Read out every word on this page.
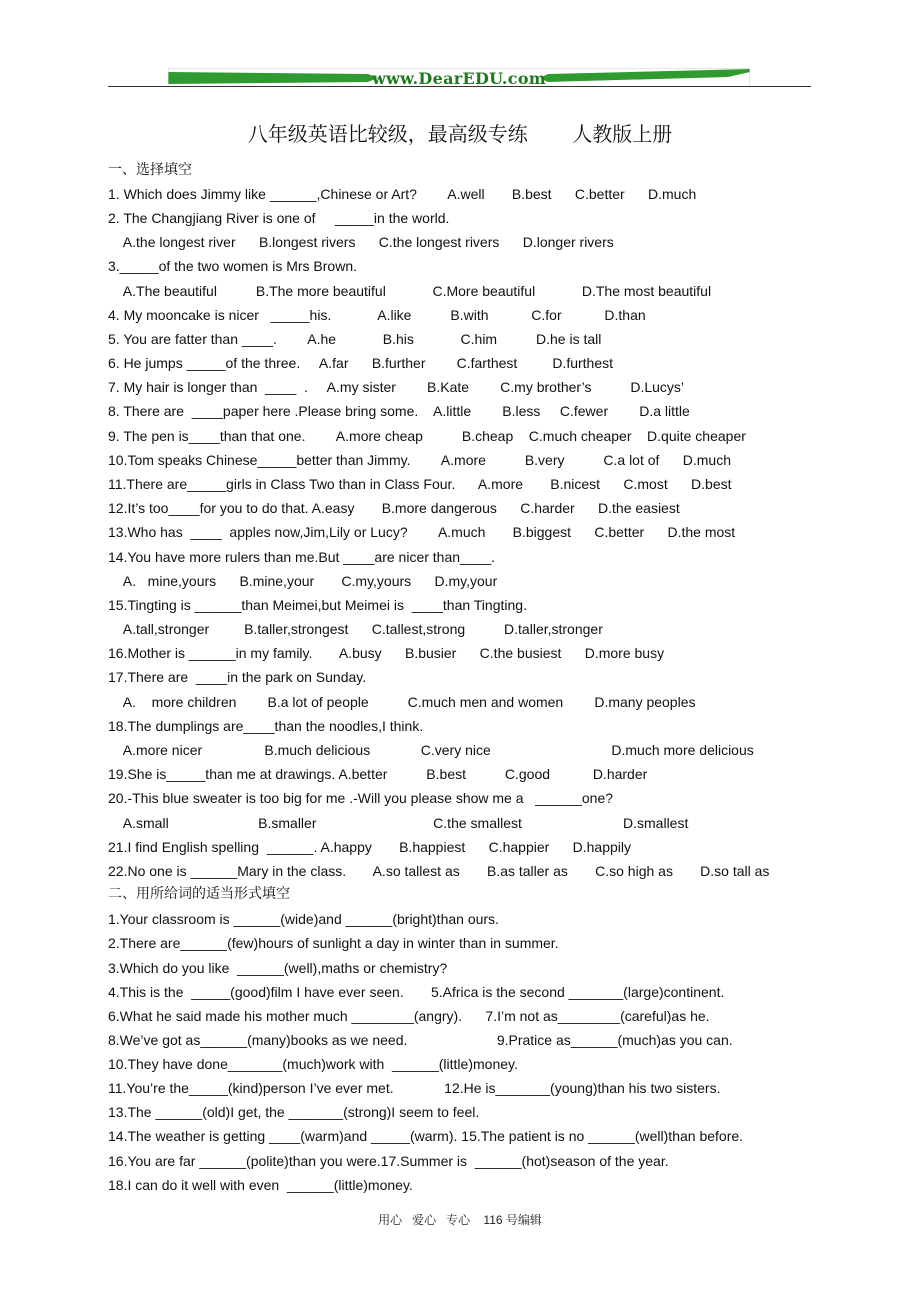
www.DearEDU.com
八年级英语比较级，最高级专练        人教版上册
一、选择填空
1. Which does Jimmy like ______,Chinese or Art?        A.well       B.best      C.better      D.much
2. The Changjiang River is one of     _____in the world.
A.the longest river      B.longest rivers      C.the longest rivers      D.longer rivers
3._____of the two women is Mrs Brown.
A.The beautiful          B.The more beautiful            C.More beautiful            D.The most beautiful
4. My mooncake is nicer   _____his.            A.like          B.with           C.for           D.than
5. You are fatter than ____.        A.he            B.his            C.him          D.he is tall
6. He jumps _____of the three.     A.far      B.further        C.farthest         D.furthest
7. My hair is longer than  ____  .     A.my sister        B.Kate        C.my brother’s          D.Lucys’
8. There are  ____paper here .Please bring some.    A.little        B.less     C.fewer        D.a little
9. The pen is____than that one.        A.more cheap          B.cheap    C.much cheaper    D.quite cheaper
10.Tom speaks Chinese_____better than Jimmy.        A.more          B.very          C.a lot of      D.much
11.There are_____girls in Class Two than in Class Four.      A.more       B.nicest      C.most      D.best
12.It’s too____for you to do that. A.easy       B.more dangerous      C.harder      D.the easiest
13.Who has  ____  apples now,Jim,Lily or Lucy?        A.much       B.biggest      C.better      D.the most
14.You have more rulers than me.But ____are nicer than____.
A.   mine,yours      B.mine,your       C.my,yours      D.my,your
15.Tingting is ______than Meimei,but Meimei is  ____than Tingting.
A.tall,stronger         B.taller,strongest      C.tallest,strong          D.taller,stronger
16.Mother is ______in my family.       A.busy      B.busier      C.the busiest      D.more busy
17.There are  ____in the park on Sunday.
A.    more children        B.a lot of people          C.much men and women        D.many peoples
18.The dumplings are____than the noodles,I think.
A.more nicer                B.much delicious             C.very nice                               D.much more delicious
19.She is_____than me at drawings. A.better          B.best          C.good           D.harder
20.-This blue sweater is too big for me .-Will you please show me a   ______one?
A.small                       B.smaller                              C.the smallest                          D.smallest
21.I find English spelling  ______. A.happy       B.happiest      C.happier      D.happily
22.No one is ______Mary in the class.       A.so tallest as       B.as taller as       C.so high as       D.so tall as
二、用所给词的适当形式填空
1.Your classroom is ______(wide)and ______(bright)than ours.
2.There are______(few)hours of sunlight a day in winter than in summer.
3.Which do you like  ______(well),maths or chemistry?
4.This is the  _____(good)film I have ever seen.       5.Africa is the second _______(large)continent.
6.What he said made his mother much ________(angry).      7.I’m not as________(careful)as he.
8.We’ve got as______(many)books as we need.                       9.Pratice as______(much)as you can.
10.They have done_______(much)work with  ______(little)money.
11.You’re the_____(kind)person I’ve ever met.             12.He is_______(young)than his two sisters.
13.The ______(old)I get, the _______(strong)I seem to feel.
14.The weather is getting ____(warm)and _____(warm). 15.The patient is no ______(well)than before.
16.You are far ______(polite)than you were.17.Summer is  ______(hot)season of the year.
18.I can do it well with even  ______(little)money.
用心   爱心   专心    116 号编辑
